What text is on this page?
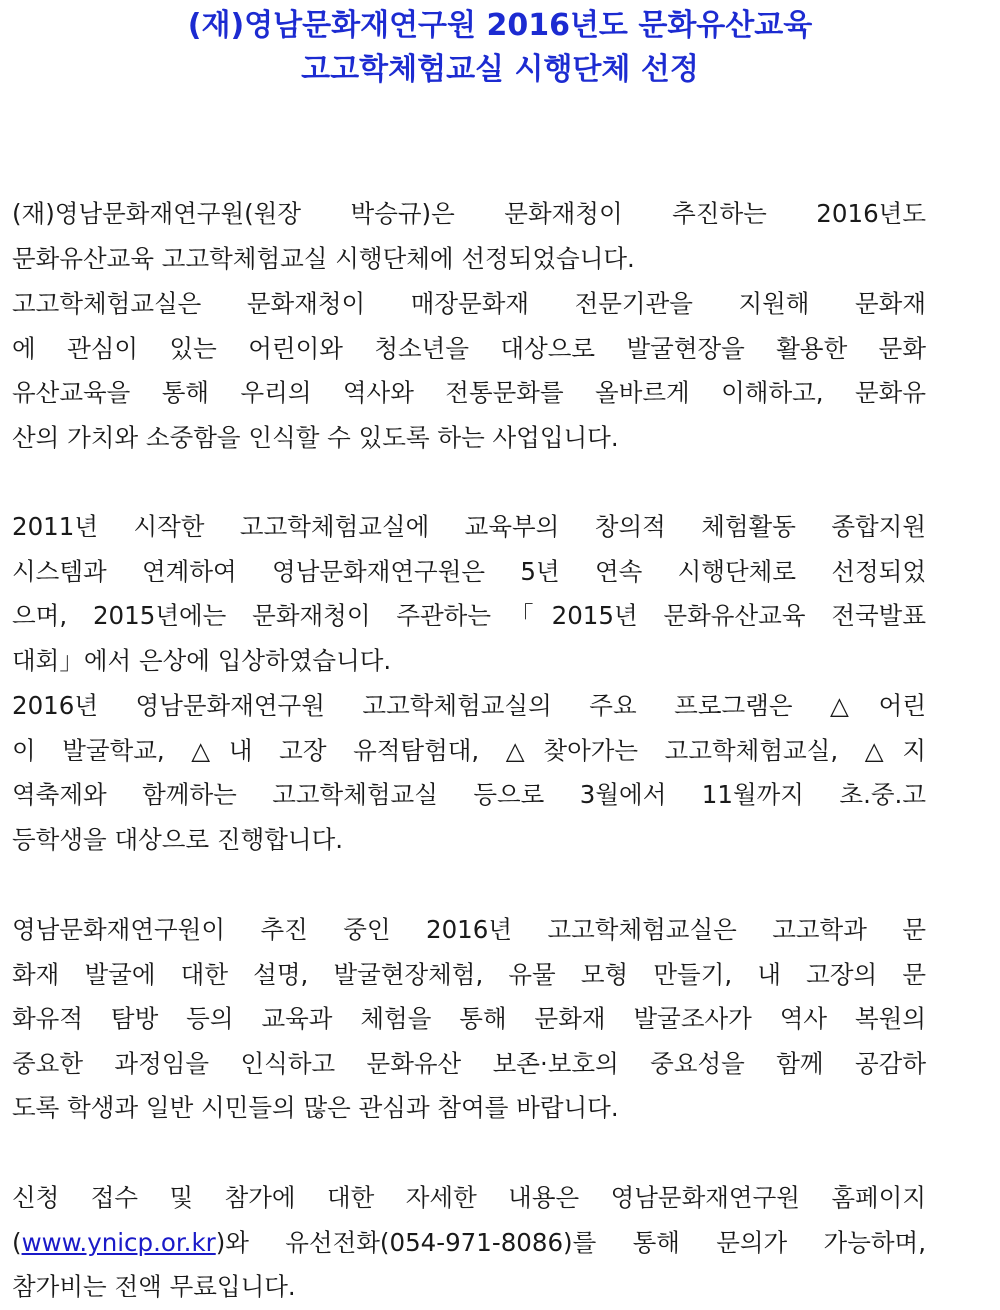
(재)영남문화재연구원 2016년도 문화유산교육
고고학체험교실 시행단체 선정
(재)영남문화재연구원(원장 박승규)은 문화재청이 추진하는 2016년도
문화유산교육 고고학체험교실 시행단체에 선정되었습니다.
고고학체험교실은 문화재청이 매장문화재 전문기관을 지원해 문화재
에 관심이 있는 어린이와 청소년을 대상으로 발굴현장을 활용한 문화
유산교육을 통해 우리의 역사와 전통문화를 올바르게 이해하고, 문화유
산의 가치와 소중함을 인식할 수 있도록 하는 사업입니다.
2011년 시작한 고고학체험교실에 교육부의 창의적 체험활동 종합지원
시스템과 연계하여 영남문화재연구원은 5년 연속 시행단체로 선정되었
으며, 2015년에는 문화재청이 주관하는「2015년 문화유산교육 전국발표
대회」에서 은상에 입상하였습니다.
2016년 영남문화재연구원 고고학체험교실의 주요 프로그램은 △어린
이 발굴학교, △내 고장 유적탐험대, △찾아가는 고고학체험교실, △지
역축제와 함께하는 고고학체험교실 등으로 3월에서 11월까지 초.중.고
등학생을 대상으로 진행합니다.
영남문화재연구원이 추진 중인 2016년 고고학체험교실은 고고학과 문
화재 발굴에 대한 설명, 발굴현장체험, 유물 모형 만들기, 내 고장의 문
화유적 탐방 등의 교육과 체험을 통해 문화재 발굴조사가 역사 복원의
중요한 과정임을 인식하고 문화유산 보존·보호의 중요성을 함께 공감하
도록 학생과 일반 시민들의 많은 관심과 참여를 바랍니다.
신청 접수 및 참가에 대한 자세한 내용은 영남문화재연구원 홈페이지
(www.ynicp.or.kr)와 유선전화(054-971-8086)를 통해 문의가 가능하며,
참가비는 전액 무료입니다.
